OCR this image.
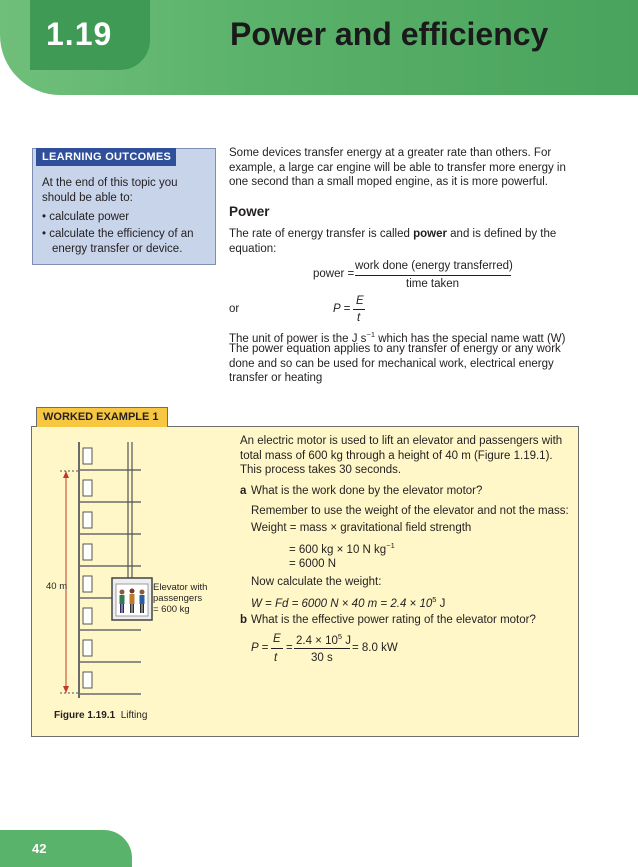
1.19	Power and efficiency
LEARNING OUTCOMES
At the end of this topic you should be able to:
• calculate power
• calculate the efficiency of an energy transfer or device.
Some devices transfer energy at a greater rate than others. For example, a large car engine will be able to transfer more energy in one second than a small moped engine, as it is more powerful.
Power
The rate of energy transfer is called power and is defined by the equation:
power =
work done (energy transferred)
time taken
or	P =
E
t
The unit of power is the J $s^{-1}$ which has the special name watt (W)
The power equation applies to any transfer of energy or any work done and so can be used for mechanical work, electrical energy transfer or heating
WORKED EXAMPLE 1
An electric motor is used to lift an elevator and passengers with total mass of 600 kg through a height of 40 m (Figure 1.19.1). This process takes 30 seconds.
a What is the work done by the elevator motor?
Remember to use the weight of the elevator and not the mass:
Weight = mass × gravitational field strength
= 600 kg × 10 N $kg^{-1}$
= 6000 N
Now calculate the weight:
W = Fd = 6000 N × 40 $m = 2.4 \times 10^5$ J
b What is the effective power rating of the elevator motor?
P =
E
t
=
$2.4 \times 10^5$ J
30 s
= 8.0 kW
40 m	Elevator with
passengers
= 600 kg
Figure 1.19.1 Lifting
42
